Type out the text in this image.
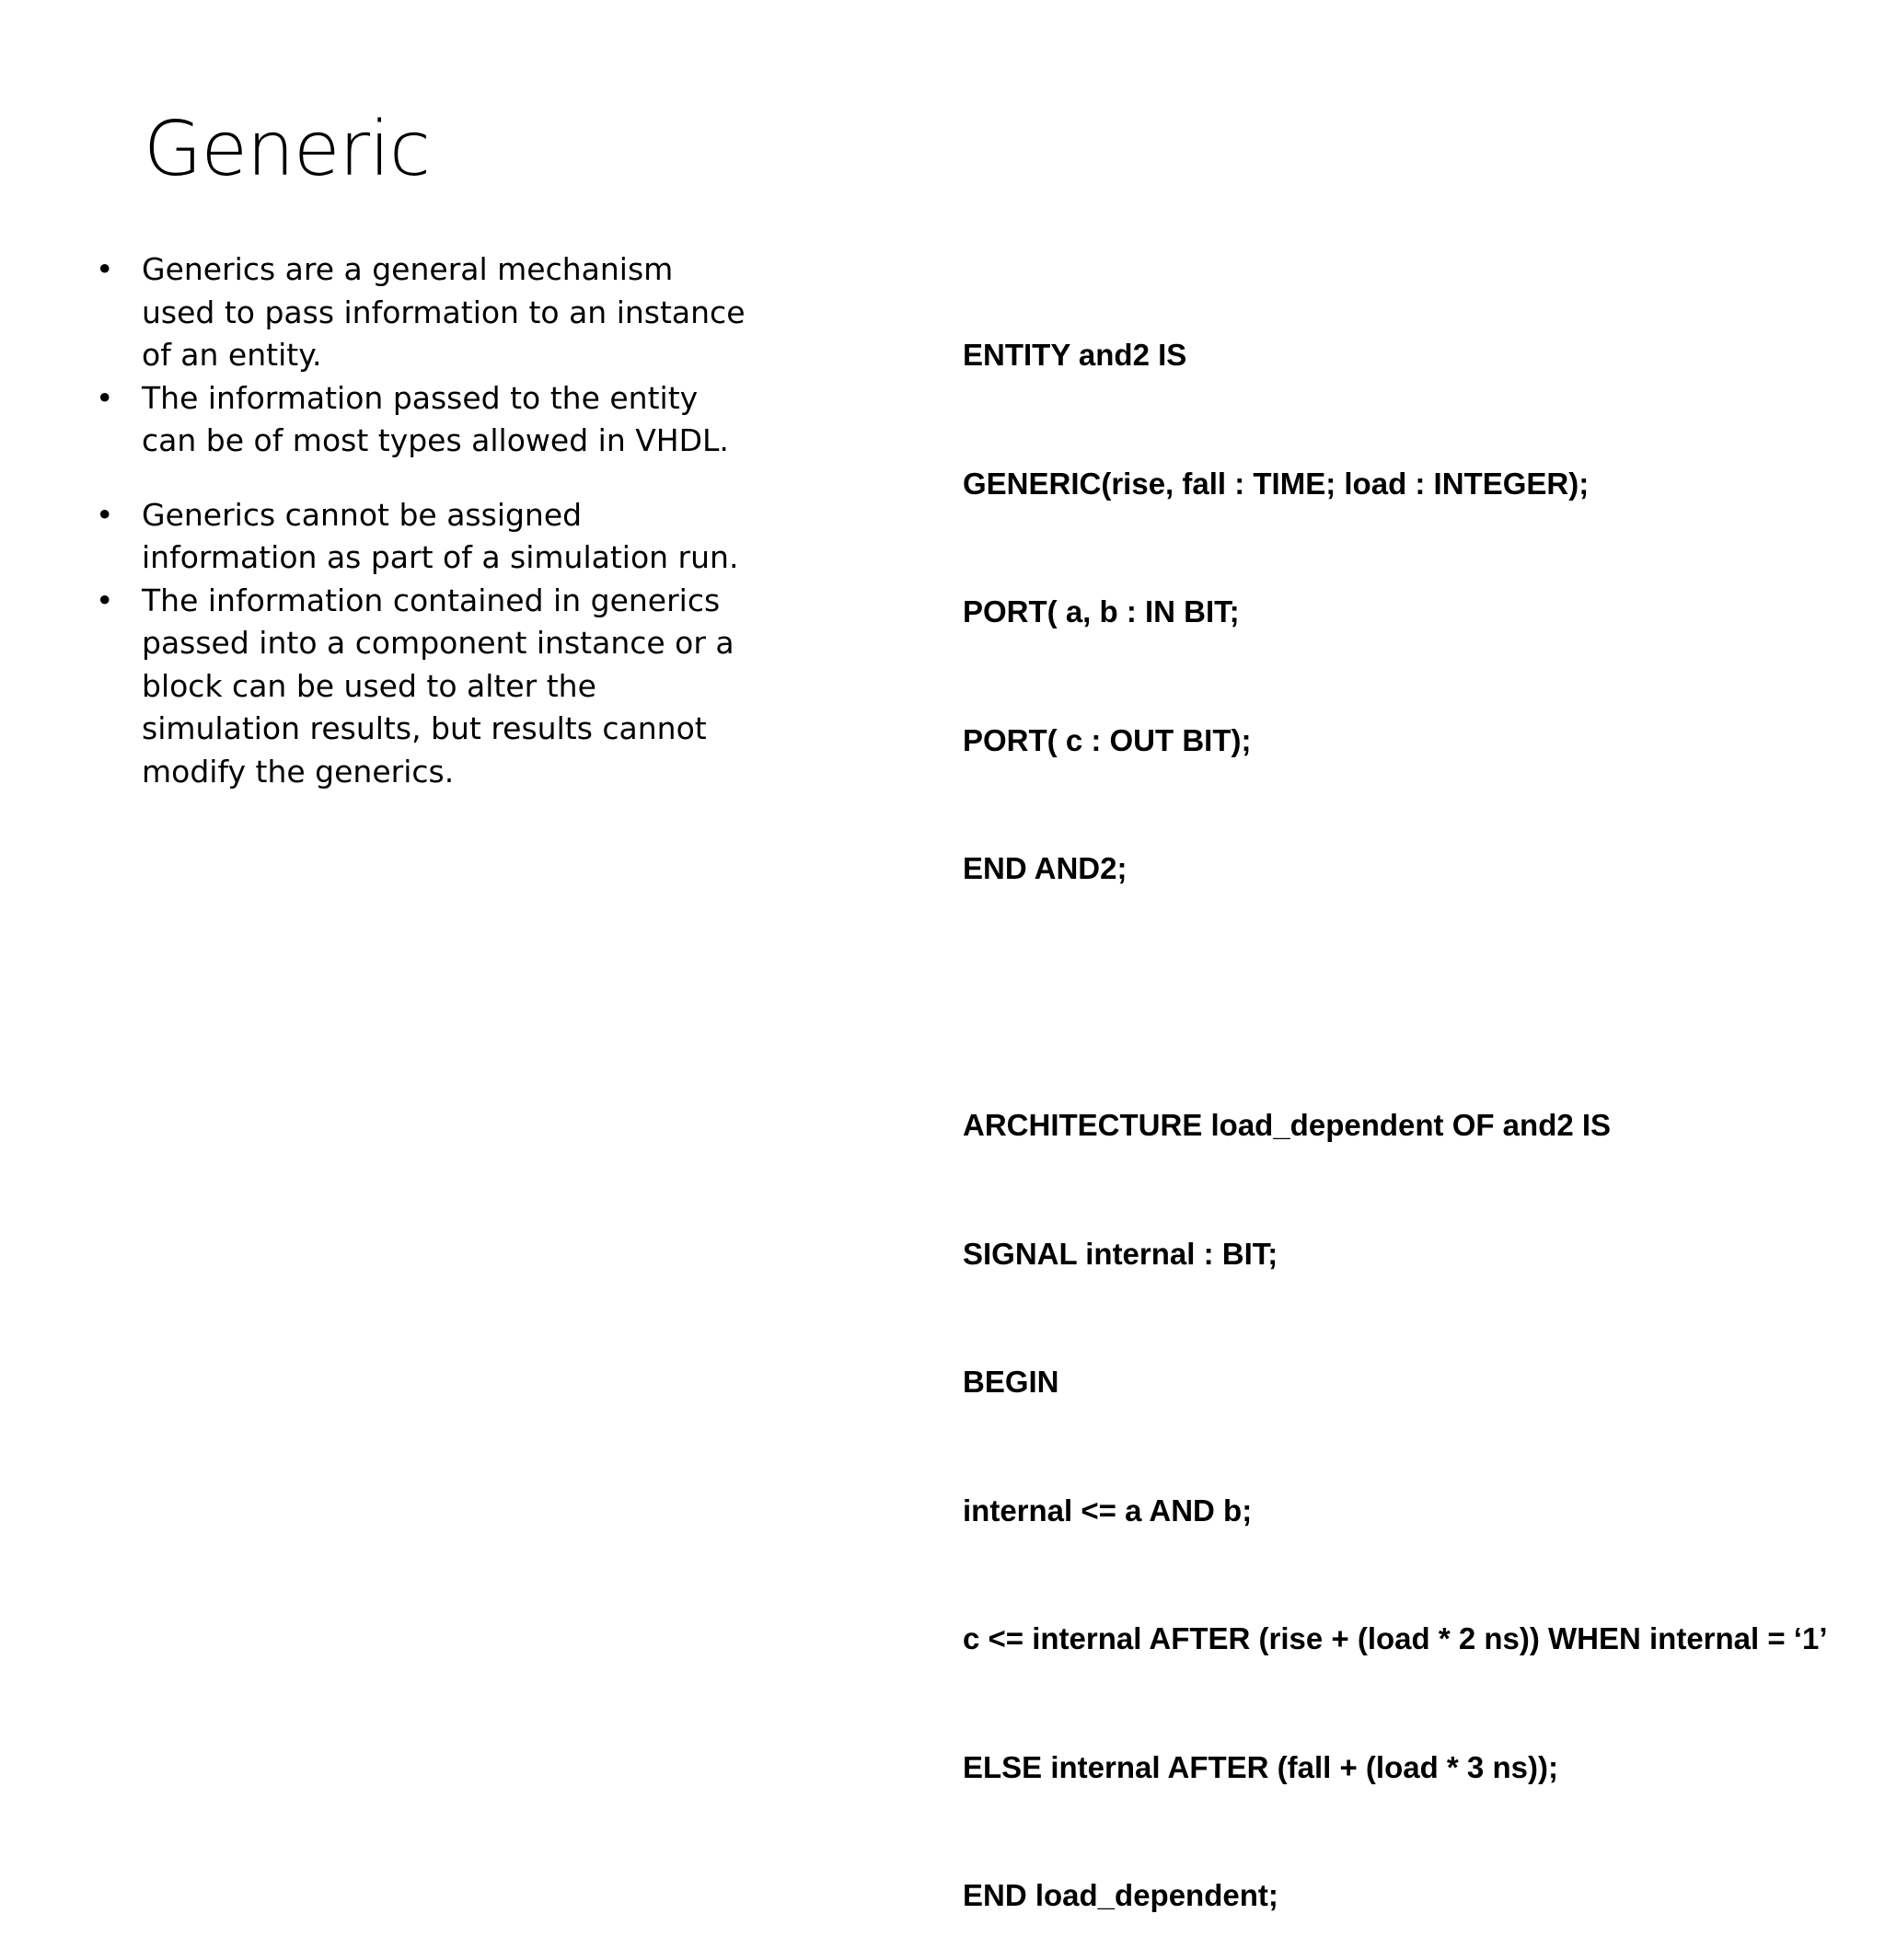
Generic
• Generics are a general mechanism used to pass information to an instance of an entity.
• The information passed to the entity can be of most types allowed in VHDL.
• Generics cannot be assigned information as part of a simulation run.
• The information contained in generics passed into a component instance or a block can be used to alter the simulation results, but results cannot modify the generics.

ENTITY and2 IS

GENERIC(rise, fall : TIME; load : INTEGER);

PORT( a, b : IN BIT;

PORT( c : OUT BIT);

END AND2;

ARCHITECTURE load_dependent OF and2 IS

SIGNAL internal : BIT;

BEGIN

internal <= a AND b;

c <= internal AFTER (rise + (load * 2 ns)) WHEN internal = ‘1’

ELSE internal AFTER (fall + (load * 3 ns));

END load_dependent;
